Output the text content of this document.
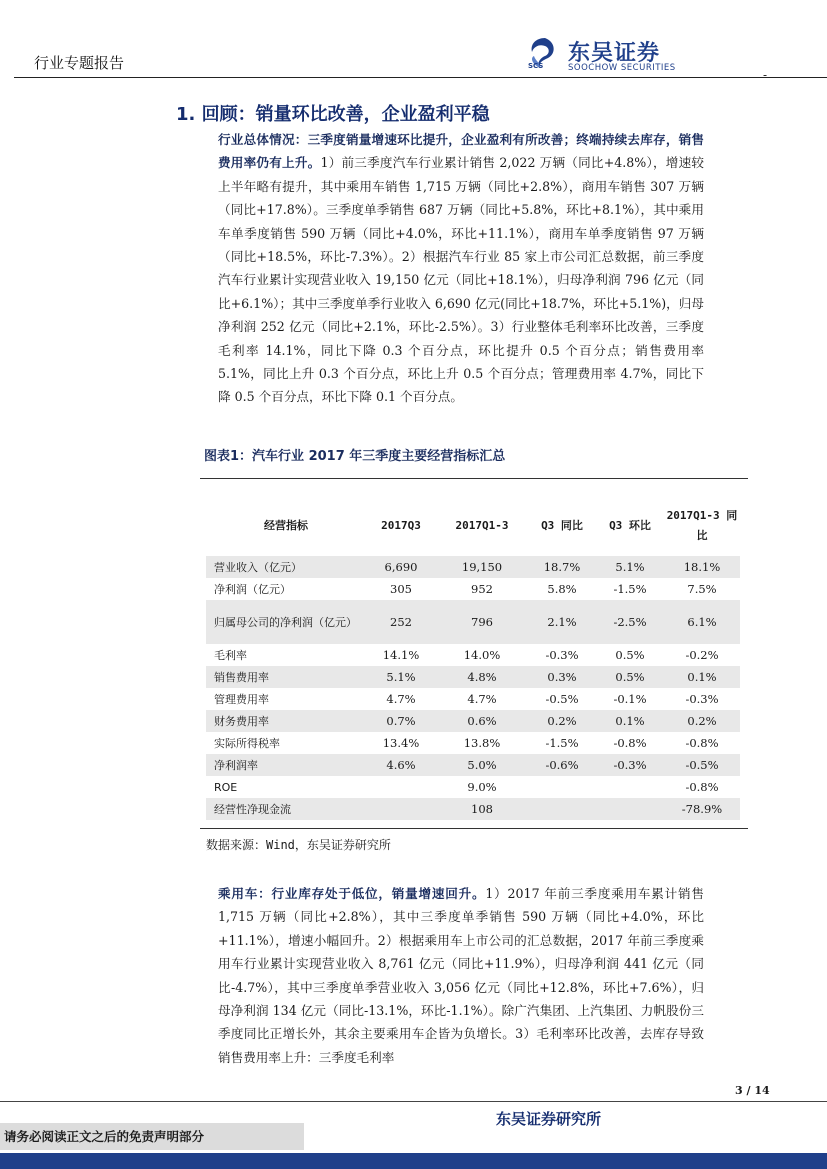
行业专题报告	SCS 东吴证券
SOOCHOW SECURITIES	-
1. 回顾：销量环比改善，企业盈利平稳
行业总体情况：三季度销量增速环比提升，企业盈利有所改善；终端持续去库存，销售费用率仍有上升。1）前三季度汽车行业累计销售 2,022 万辆（同比+4.8%），增速较上半年略有提升，其中乘用车销售 1,715 万辆（同比+2.8%），商用车销售 307 万辆（同比+17.8%）。三季度单季销售 687 万辆（同比+5.8%，环比+8.1%），其中乘用车单季度销售 590 万辆（同比+4.0%，环比+11.1%），商用车单季度销售 97 万辆（同比+18.5%，环比-7.3%）。2）根据汽车行业 85 家上市公司汇总数据，前三季度汽车行业累计实现营业收入 19,150 亿元（同比+18.1%），归母净利润 796 亿元（同比+6.1%）；其中三季度单季行业收入 6,690 亿元(同比+18.7%，环比+5.1%)，归母净利润 252 亿元（同比+2.1%，环比-2.5%）。3）行业整体毛利率环比改善，三季度毛利率 14.1%，同比下降 0.3 个百分点，环比提升 0.5 个百分点；销售费用率 5.1%，同比上升 0.3 个百分点，环比上升 0.5 个百分点；管理费用率 4.7%，同比下降 0.5 个百分点，环比下降 0.1 个百分点。
图表1：汽车行业 2017 年三季度主要经营指标汇总
经营指标	2017Q3	2017Q1-3	Q3 同比	Q3 环比	2017Q1-3 同比
营业收入（亿元）	6,690	19,150	18.7%	5.1%	18.1%
净利润（亿元）	305	952	5.8%	-1.5%	7.5%
归属母公司的净利润（亿元）	252	796	2.1%	-2.5%	6.1%
毛利率	14.1%	14.0%	-0.3%	0.5%	-0.2%
销售费用率	5.1%	4.8%	0.3%	0.5%	0.1%
管理费用率	4.7%	4.7%	-0.5%	-0.1%	-0.3%
财务费用率	0.7%	0.6%	0.2%	0.1%	0.2%
实际所得税率	13.4%	13.8%	-1.5%	-0.8%	-0.8%
净利润率	4.6%	5.0%	-0.6%	-0.3%	-0.5%
ROE		9.0%			-0.8%
经营性净现金流		108			-78.9%
数据来源：Wind，东吴证券研究所
乘用车：行业库存处于低位，销量增速回升。1）2017 年前三季度乘用车累计销售 1,715 万辆（同比+2.8%），其中三季度单季销售 590 万辆（同比+4.0%，环比+11.1%），增速小幅回升。2）根据乘用车上市公司的汇总数据，2017 年前三季度乘用车行业累计实现营业收入 8,761 亿元（同比+11.9%），归母净利润 441 亿元（同比-4.7%），其中三季度单季营业收入 3,056 亿元（同比+12.8%，环比+7.6%），归母净利润 134 亿元（同比-13.1%，环比-1.1%）。除广汽集团、上汽集团、力帆股份三季度同比正增长外，其余主要乘用车企皆为负增长。3）毛利率环比改善，去库存导致销售费用率上升：三季度毛利率
3 / 14
东吴证券研究所
请务必阅读正文之后的免责声明部分
